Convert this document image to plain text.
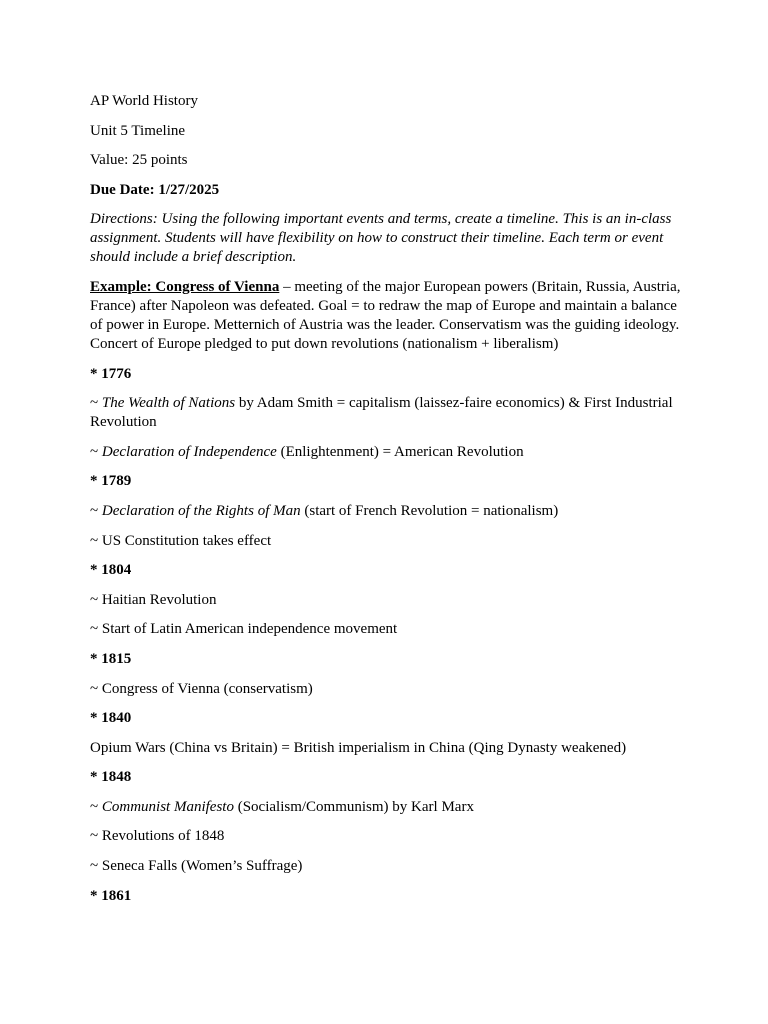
AP World History

Unit 5 Timeline

Value: 25 points

Due Date: 1/27/2025

Directions: Using the following important events and terms, create a timeline. This is an in-class assignment. Students will have flexibility on how to construct their timeline. Each term or event should include a brief description.

Example: Congress of Vienna – meeting of the major European powers (Britain, Russia, Austria, France) after Napoleon was defeated. Goal = to redraw the map of Europe and maintain a balance of power in Europe. Metternich of Austria was the leader. Conservatism was the guiding ideology. Concert of Europe pledged to put down revolutions (nationalism + liberalism)

* 1776

~ The Wealth of Nations by Adam Smith = capitalism (laissez-faire economics) & First Industrial Revolution

~ Declaration of Independence (Enlightenment) = American Revolution

* 1789

~ Declaration of the Rights of Man (start of French Revolution = nationalism)

~ US Constitution takes effect

* 1804

~ Haitian Revolution

~ Start of Latin American independence movement

* 1815

~ Congress of Vienna (conservatism)

* 1840

Opium Wars (China vs Britain) = British imperialism in China (Qing Dynasty weakened)

* 1848

~ Communist Manifesto (Socialism/Communism) by Karl Marx

~ Revolutions of 1848

~ Seneca Falls (Women’s Suffrage)

* 1861
